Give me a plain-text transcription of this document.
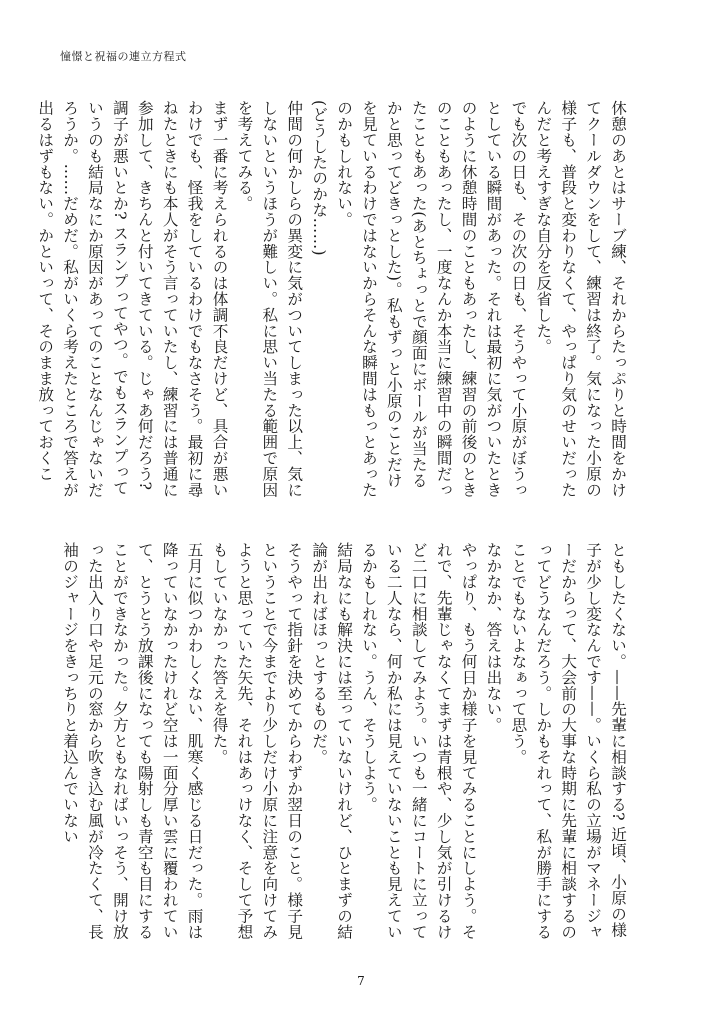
憧憬と祝福の連立方程式

休憩のあとはサーブ練、それからたっぷりと時間をかけてクールダウンをして、練習は終了。気になった小原の様子も、普段と変わりなくて、やっぱり気のせいだったんだと考えすぎな自分を反省した。

でも次の日も、その次の日も、そうやって小原がぼうっとしている瞬間があった。それは最初に気がついたときのように休憩時間のこともあったし、練習の前後のときのこともあったし、一度なんか本当に練習中の瞬間だったこともあった(あとちょっとで顔面にボールが当たるかと思ってどきっとした)。私もずっと小原のことだけを見ているわけではないからそんな瞬間はもっとあったのかもしれない。

(どうしたのかな……)

仲間の何かしらの異変に気がついてしまった以上、気にしないというほうが難しい。私に思い当たる範囲で原因を考えてみる。

まず一番に考えられるのは体調不良だけど、具合が悪いわけでも、怪我をしているわけでもなさそう。最初に尋ねたときにも本人がそう言っていたし、練習には普通に参加して、きちんと付いてきている。じゃあ何だろう? 調子が悪いとか? スランプってやつ。でもスランプっていうのも結局なにか原因があってのことなんじゃないだろうか。……だめだ。私がいくら考えたところで答えが出るはずもない。かといって、そのまま放っておくこ

ともしたくない。——先輩に相談する? 近頃、小原の様子が少し変なんです——。いくら私の立場がマネージャーだからって、大会前の大事な時期に先輩に相談するのってどうなんだろう。しかもそれって、私が勝手にすることでもないよなぁって思う。

なかなか、答えは出ない。

やっぱり、もう何日か様子を見てみることにしよう。それで、先輩じゃなくてまずは青根や、少し気が引けるけど二口に相談してみよう。いつも一緒にコートに立っている二人なら、何か私には見えていないことも見えているかもしれない。うん、そうしよう。

結局なにも解決には至っていないけれど、ひとまずの結論が出ればほっとするものだ。

そうやって指針を決めてからわずか翌日のこと。様子見ということで今までより少しだけ小原に注意を向けてみようと思っていた矢先、それはあっけなく、そして予想もしていなかった答えを得た。

五月に似つかわしくない、肌寒く感じる日だった。雨は降っていなかったけれど空は一面分厚い雲に覆われていて、とうとう放課後になっても陽射しも青空も目にすることができなかった。夕方ともなればいっそう、開け放った出入り口や足元の窓から吹き込む風が冷たくて、長袖のジャージをきっちりと着込んでいない

7
